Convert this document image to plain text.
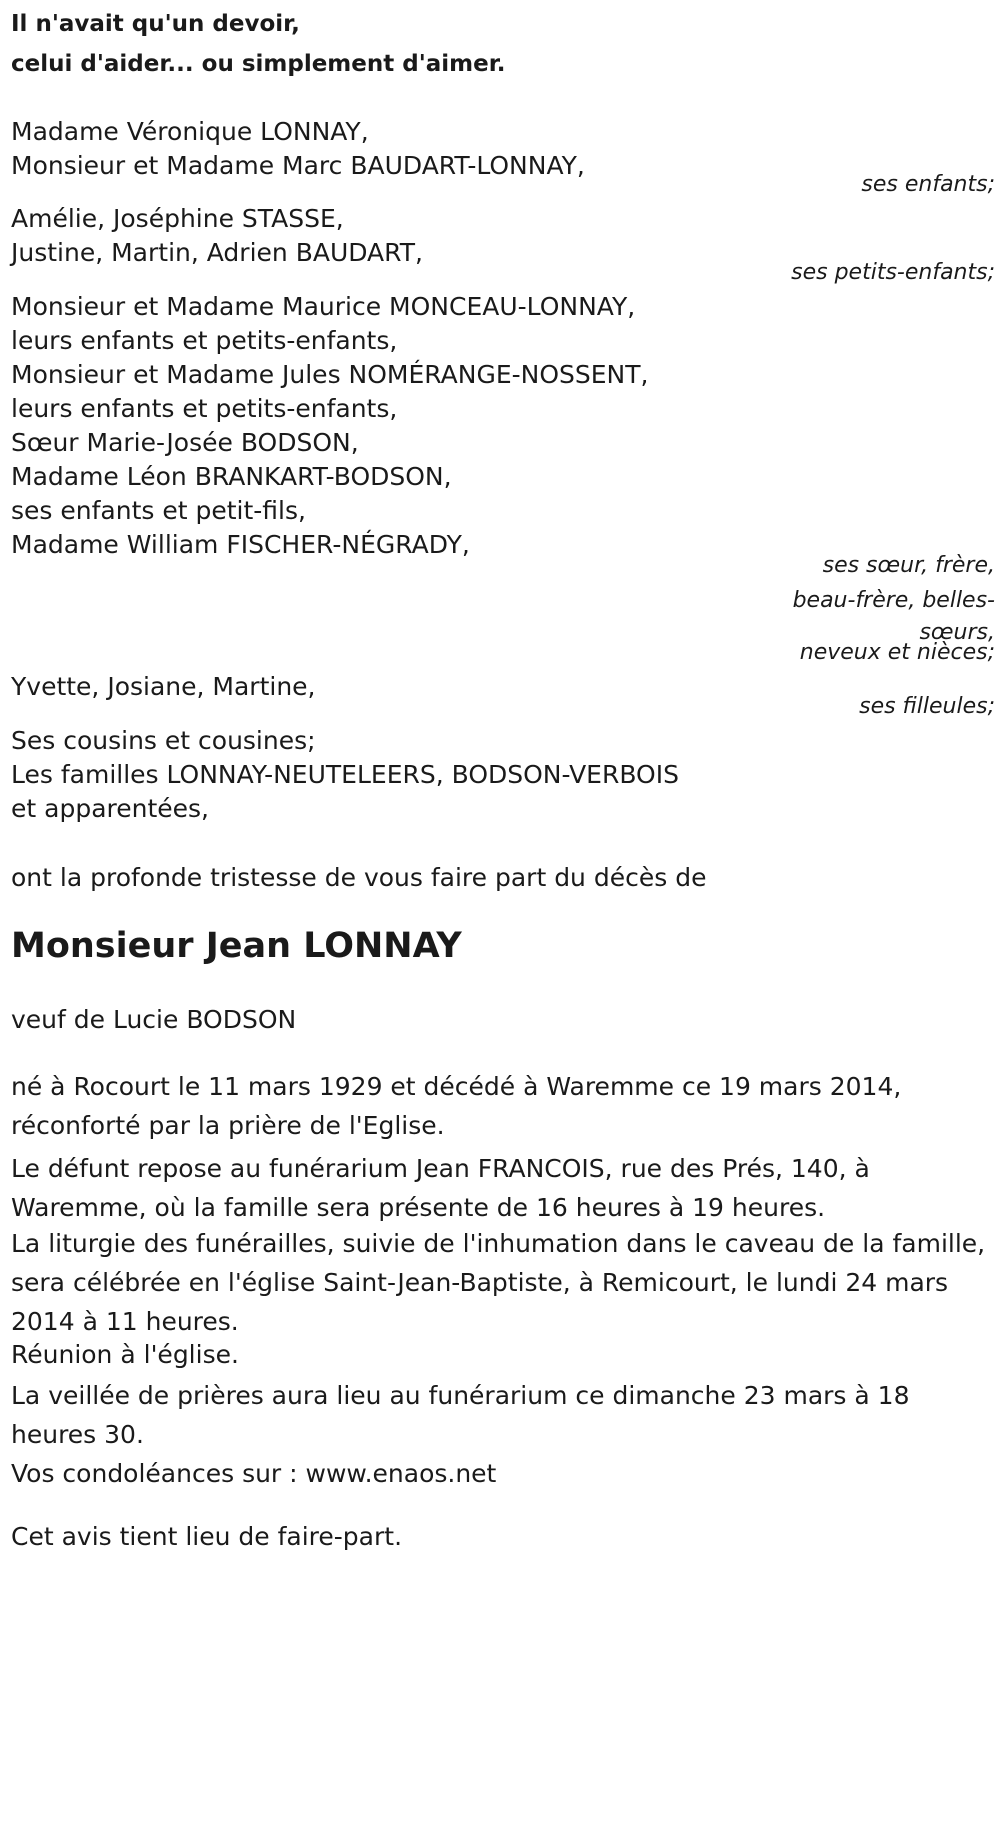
Il n'avait qu'un devoir,
celui d'aider... ou simplement d'aimer.
Madame Véronique LONNAY,
Monsieur et Madame Marc BAUDART-LONNAY,
ses enfants;
Amélie, Joséphine STASSE,
Justine, Martin, Adrien BAUDART,
ses petits-enfants;
Monsieur et Madame Maurice MONCEAU-LONNAY,
leurs enfants et petits-enfants,
Monsieur et Madame Jules NOMÉRANGE-NOSSENT,
leurs enfants et petits-enfants,
Sœur Marie-Josée BODSON,
Madame Léon BRANKART-BODSON,
ses enfants et petit-fils,
Madame William FISCHER-NÉGRADY,
ses sœur, frère,
beau-frère, belles-
sœurs,
neveux et nièces;
Yvette, Josiane, Martine,
ses filleules;
Ses cousins et cousines;
Les familles LONNAY-NEUTELEERS, BODSON-VERBOIS
et apparentées,
ont la profonde tristesse de vous faire part du décès de
Monsieur Jean LONNAY
veuf de Lucie BODSON
né à Rocourt le 11 mars 1929 et décédé à Waremme ce 19 mars 2014, réconforté par la prière de l'Eglise.
Le défunt repose au funérarium Jean FRANCOIS, rue des Prés, 140, à Waremme, où la famille sera présente de 16 heures à 19 heures.
La liturgie des funérailles, suivie de l'inhumation dans le caveau de la famille, sera célébrée en l'église Saint-Jean-Baptiste, à Remicourt, le lundi 24 mars 2014 à 11 heures.
Réunion à l'église.
La veillée de prières aura lieu au funérarium ce dimanche 23 mars à 18 heures 30.
Vos condoléances sur : www.enaos.net
Cet avis tient lieu de faire-part.
